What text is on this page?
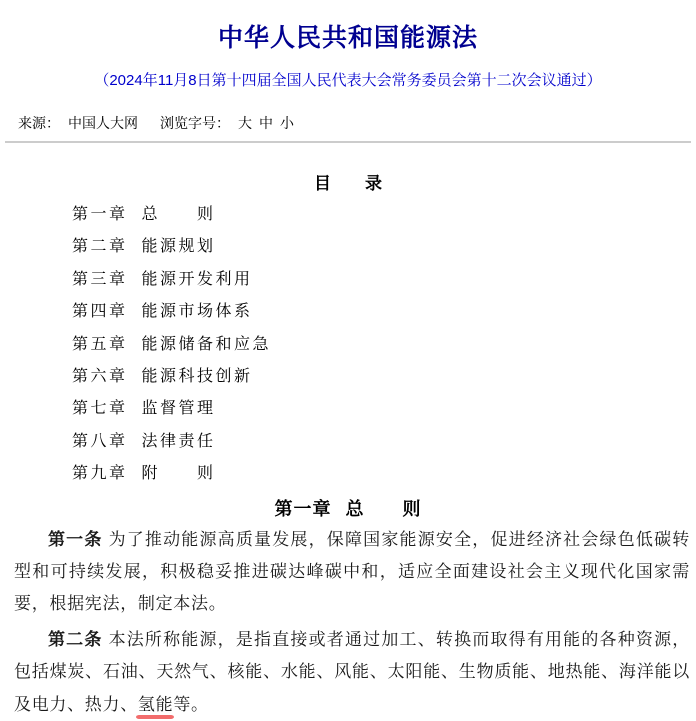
中华人民共和国能源法
（2024年11月8日第十四届全国人民代表大会常务委员会第十二次会议通过）
来源： 中国人大网 浏览字号： 大 中 小
目　　录
第一章 总　　则
第二章 能源规划
第三章 能源开发利用
第四章 能源市场体系
第五章 能源储备和应急
第六章 能源科技创新
第七章 监督管理
第八章 法律责任
第九章 附　　则
第一章 总　　则

第一条 为了推动能源高质量发展，保障国家能源安全，促进经济社会绿色低碳转型和可持续发展，积极稳妥推进碳达峰碳中和，适应全面建设社会主义现代化国家需要，根据宪法，制定本法。

第二条 本法所称能源，是指直接或者通过加工、转换而取得有用能的各种资源，包括煤炭、石油、天然气、核能、水能、风能、太阳能、生物质能、地热能、海洋能以及电力、热力、氢能等。
